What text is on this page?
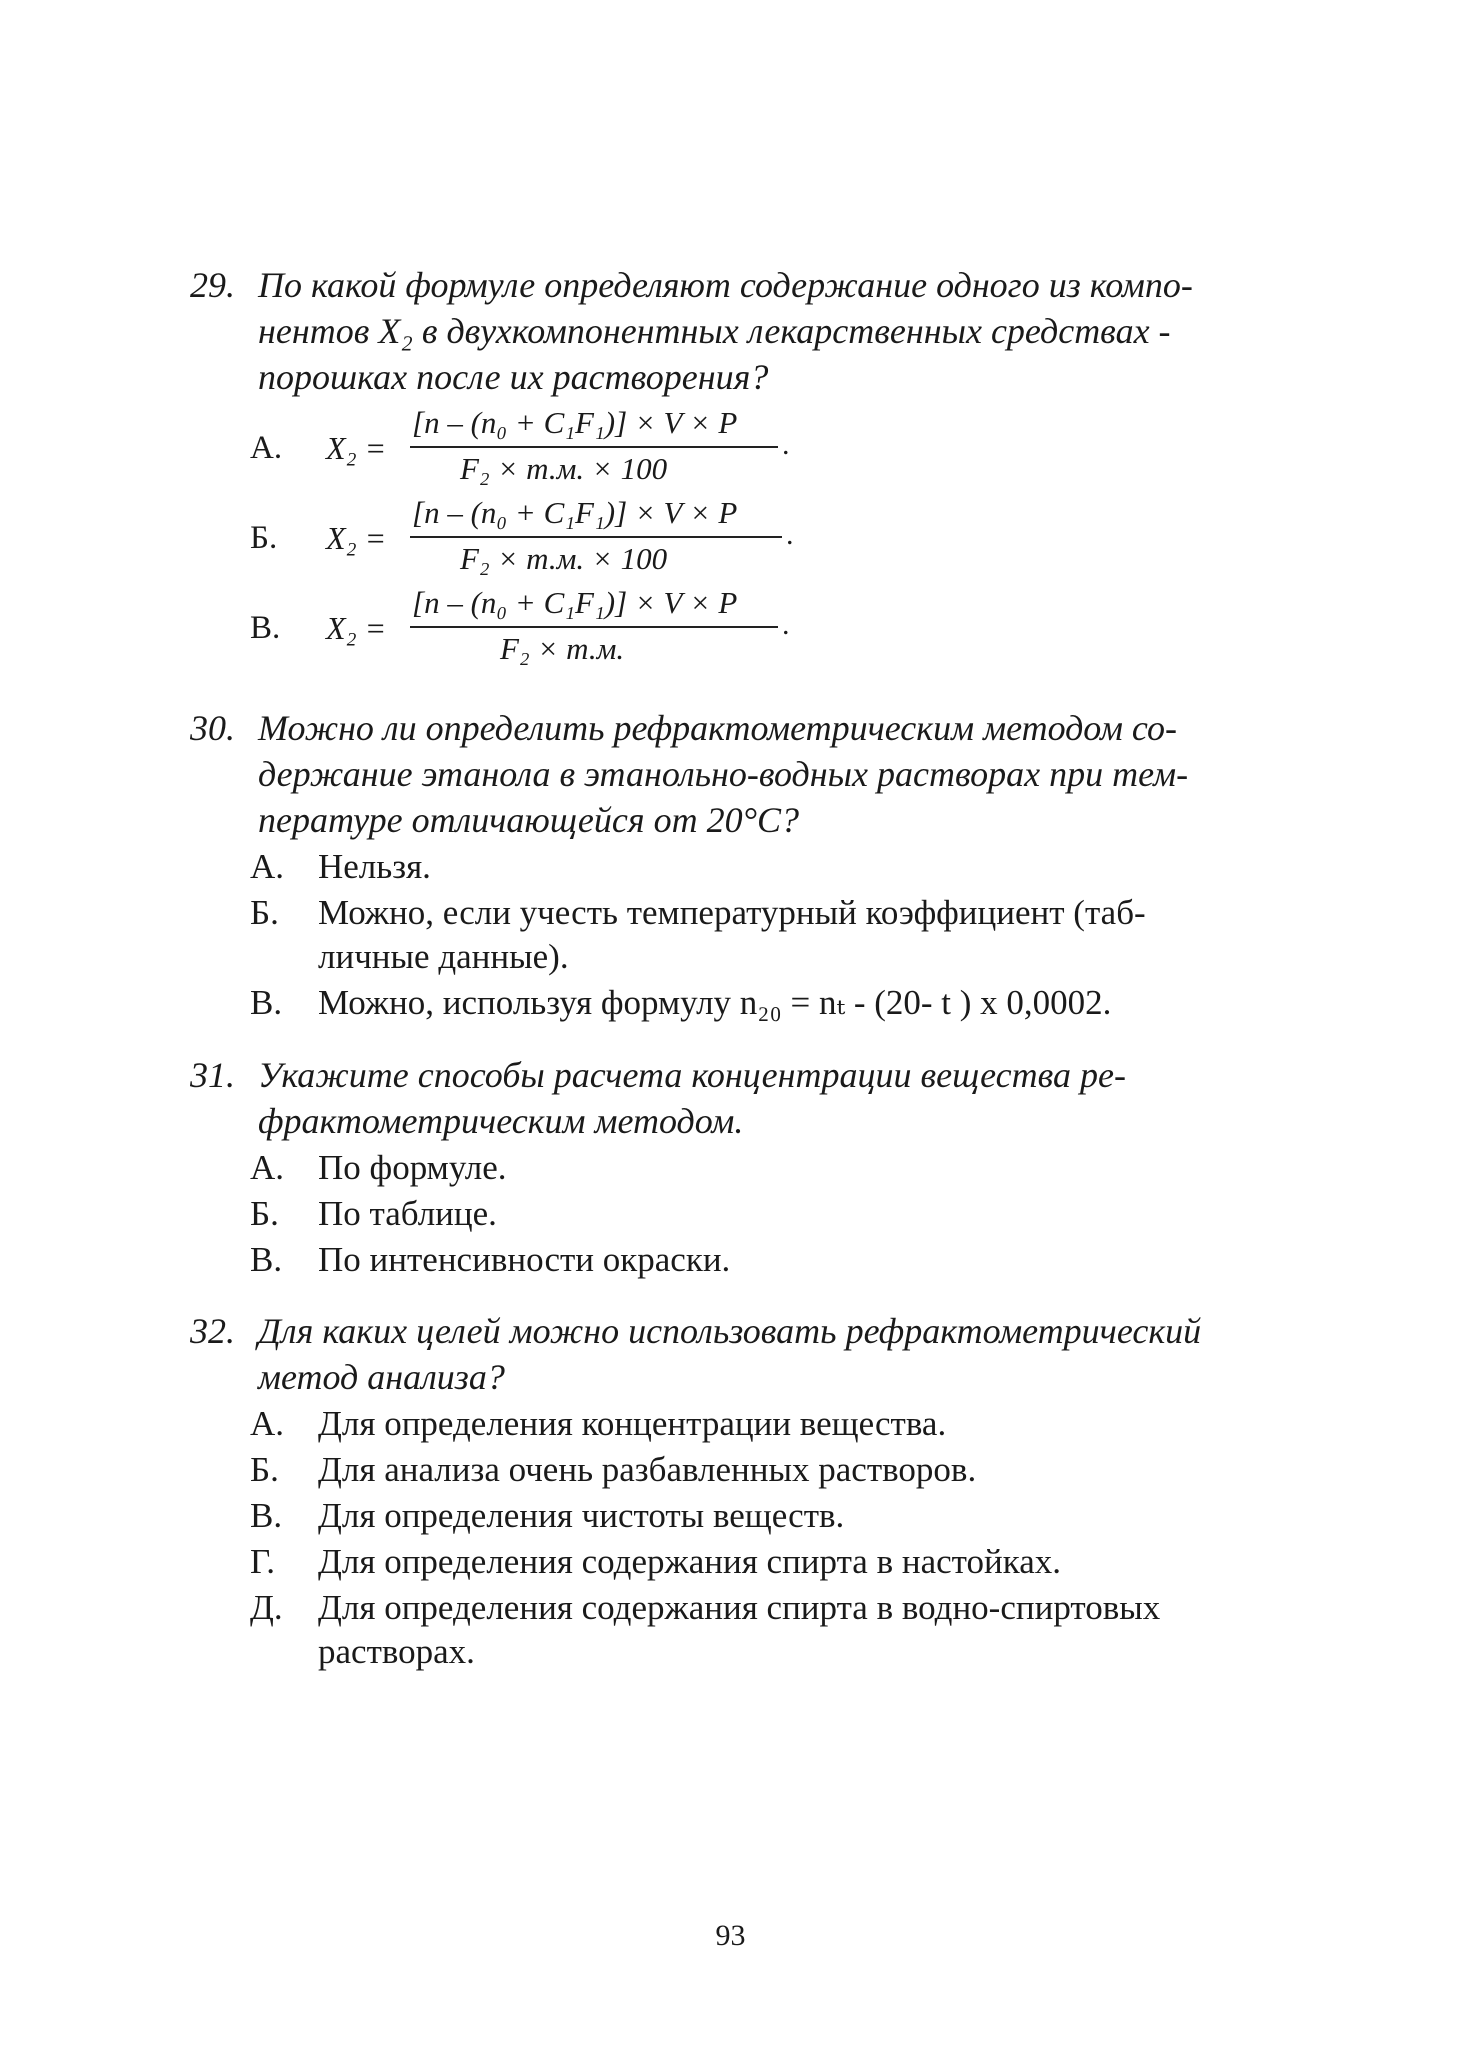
29. По какой формуле определяют содержание одного из компо-
нентов X₂ в двухкомпонентных лекарственных средствах -
порошках после их растворения?
А. X₂ =
[n – (n₀ + C₁F₁)] × V × P
F₂ × т.м. × 100
.
Б. X₂ =
[n – (n₀ + C₁F₁)] × V × P
F₂ × т.м. × 100
.
В. X₂ =
[n – (n₀ + C₁F₁)] × V × P
F₂ × т.м.
.
30. Можно ли определить рефрактометрическим методом со-
держание этанола в этанольно-водных растворах при тем-
пературе отличающейся от 20°С?
А. Нельзя.
Б. Можно, если учесть температурный коэффициент (таб-
личные данные).
В. Можно, используя формулу n₂₀ = nₜ - (20- t ) x 0,0002.
31. Укажите способы расчета концентрации вещества ре-
фрактометрическим методом.
А. По формуле.
Б. По таблице.
В. По интенсивности окраски.
32. Для каких целей можно использовать рефрактометрический
метод анализа?
А. Для определения концентрации вещества.
Б. Для анализа очень разбавленных растворов.
В. Для определения чистоты веществ.
Г. Для определения содержания спирта в настойках.
Д. Для определения содержания спирта в водно-спиртовых
растворах.
93
